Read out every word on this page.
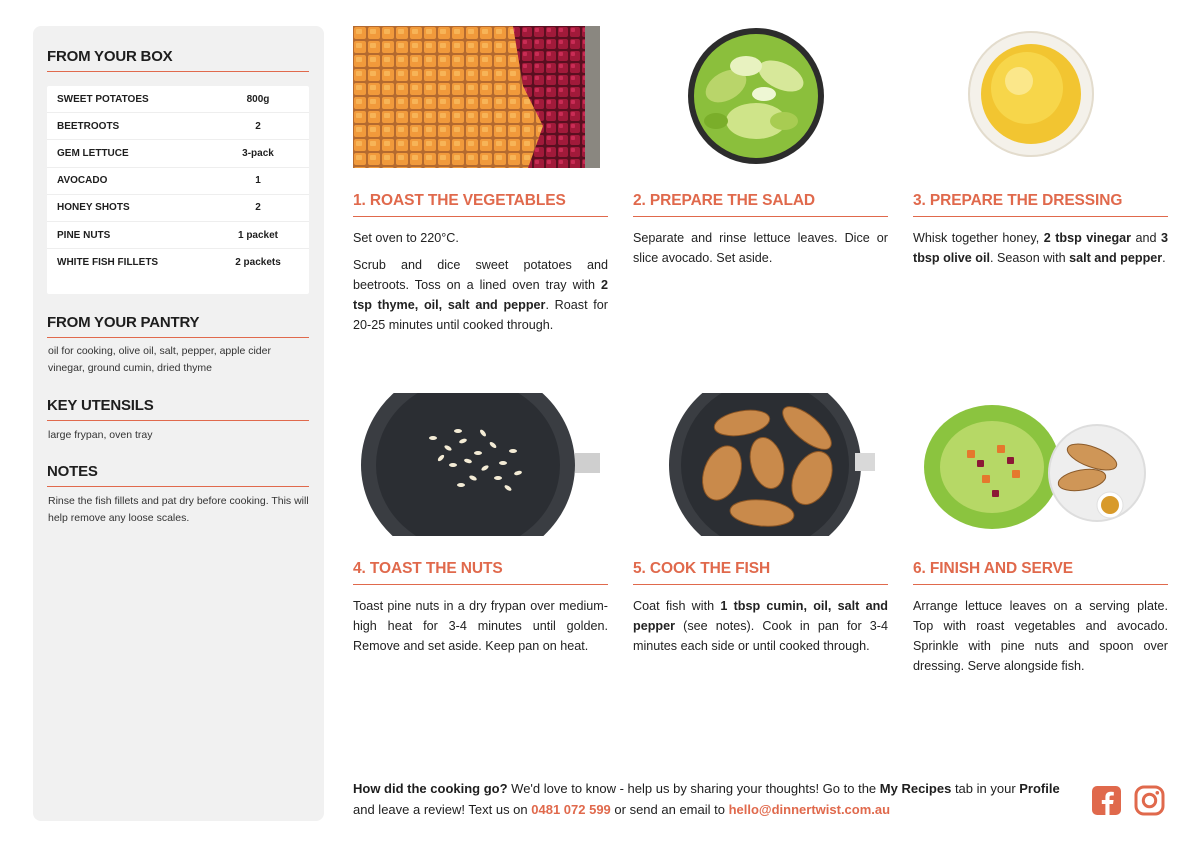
FROM YOUR BOX
SWEET POTATOES	800g
BEETROOTS	2
GEM LETTUCE	3-pack
AVOCADO	1
HONEY SHOTS	2
PINE NUTS	1 packet
WHITE FISH FILLETS	2 packets
FROM YOUR PANTRY
oil for cooking, olive oil, salt, pepper, apple cider vinegar, ground cumin, dried thyme
KEY UTENSILS
large frypan, oven tray
NOTES
Rinse the fish fillets and pat dry before cooking. This will help remove any loose scales.
1. ROAST THE VEGETABLES

Set oven to 220°C.

Scrub and dice sweet potatoes and beetroots. Toss on a lined oven tray with 2 tsp thyme, oil, salt and pepper. Roast for 20-25 minutes until cooked through.

2. PREPARE THE SALAD

Separate and rinse lettuce leaves. Dice or slice avocado. Set aside.

3. PREPARE THE DRESSING

Whisk together honey, 2 tbsp vinegar and 3 tbsp olive oil. Season with salt and pepper.

4. TOAST THE NUTS

Toast pine nuts in a dry frypan over medium-high heat for 3-4 minutes until golden. Remove and set aside. Keep pan on heat.

5. COOK THE FISH

Coat fish with 1 tbsp cumin, oil, salt and pepper (see notes). Cook in pan for 3-4 minutes each side or until cooked through.

6. FINISH AND SERVE

Arrange lettuce leaves on a serving plate. Top with roast vegetables and avocado. Sprinkle with pine nuts and spoon over dressing. Serve alongside fish.

How did the cooking go? We'd love to know - help us by sharing your thoughts! Go to the My Recipes tab in your Profile and leave a review! Text us on 0481 072 599 or send an email to hello@dinnertwist.com.au
